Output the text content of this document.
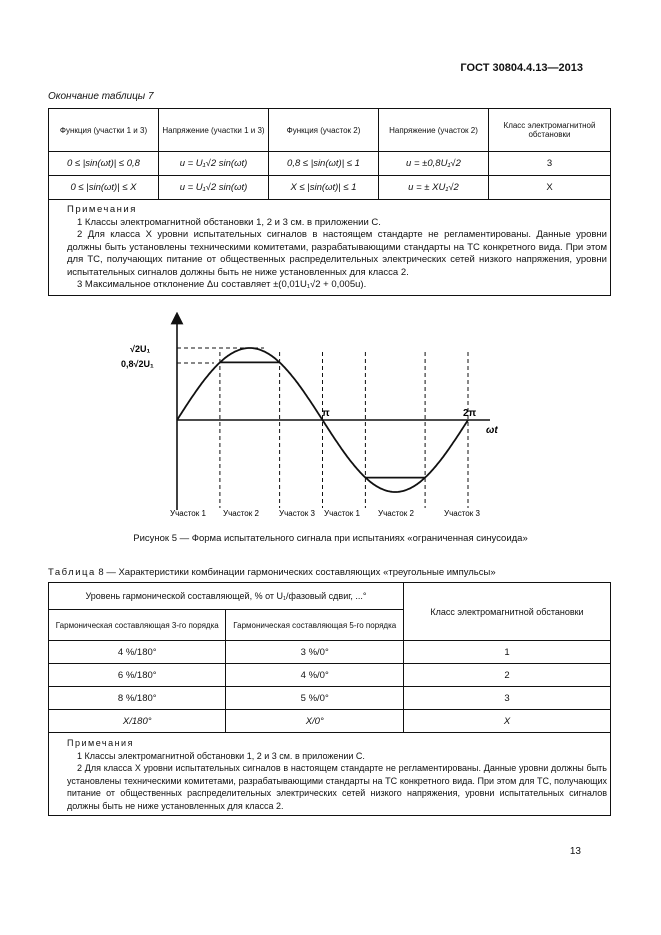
ГОСТ 30804.4.13—2013
Окончание таблицы 7
Функция (участки 1 и 3)	Напряжение (участки 1 и 3)	Функция (участок 2)	Напряжение (участок 2)	Класс электромагнитной обстановки
0 ≤ |sin(ωt)| ≤ 0,8	u = U₁√2 sin(ωt)	0,8 ≤ |sin(ωt)| ≤ 1	u = ±0,8U₁√2	3
0 ≤ |sin(ωt)| ≤ X	u = U₁√2 sin(ωt)	X ≤ |sin(ωt)| ≤ 1	u = ± XU₁√2	X

Примечания

1 Классы электромагнитной обстановки 1, 2 и 3 см. в приложении С.

2 Для класса X уровни испытательных сигналов в настоящем стандарте не регламентированы. Данные уровни должны быть установлены техническими комитетами, разрабатывающими стандарты на ТС конкретного вида. При этом для ТС, получающих питание от общественных распределительных электрических сетей низкого напряжения, уровни испытательных сигналов должны быть не ниже установленных для класса 2.

3 Максимальное отклонение Δu составляет ±(0,01U₁√2 + 0,005u).				

√2U₁
0,8√2U₁
π	2π
ωt
Участок 1 Участок 2	Участок 3 Участок 1 Участок 2	Участок 3
Рисунок 5 — Форма испытательного сигнала при испытаниях «ограниченная синусоида»
Таблица 8 — Характеристики комбинации гармонических составляющих «треугольные импульсы»
Уровень гармонической составляющей, % от U₁/фазовый сдвиг, ...°		Класс электромагнитной обстановки
Гармоническая составляющая 3-го порядка	Гармоническая составляющая 5-го порядка	
4 %/180°	3 %/0°	1
6 %/180°	4 %/0°	2
8 %/180°	5 %/0°	3
X/180°	X/0°	X

Примечания

1 Классы электромагнитной обстановки 1, 2 и 3 см. в приложении С.

2 Для класса X уровни испытательных сигналов в настоящем стандарте не регламентированы. Данные уровни должны быть установлены техническими комитетами, разрабатывающими стандарты на ТС конкретного вида. При этом для ТС, получающих питание от общественных распределительных электрических сетей низкого напряжения, уровни испытательных сигналов должны быть не ниже установленных для класса 2.		

13
